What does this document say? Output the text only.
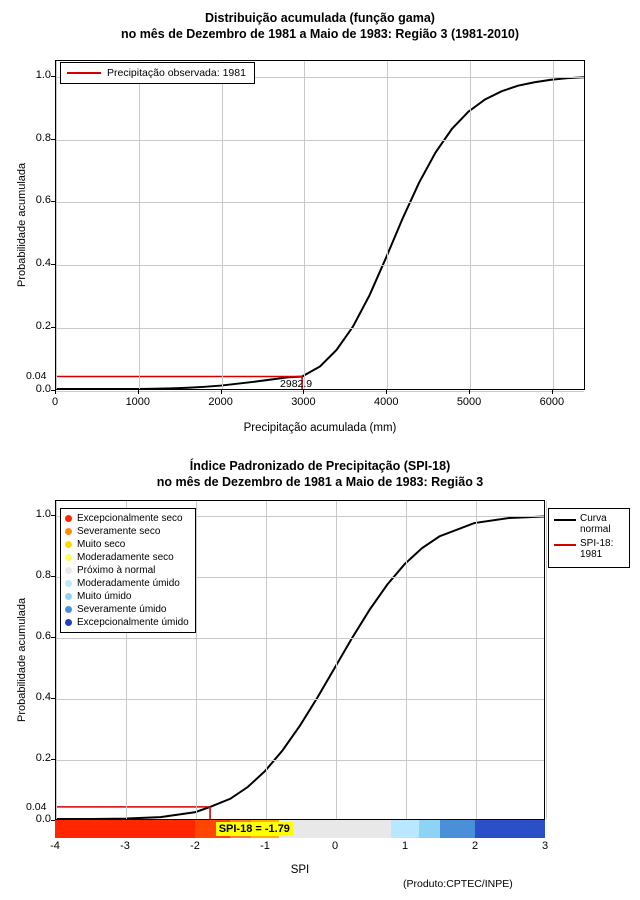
Distribuição acumulada (função gama)
no mês de Dezembro de 1981 a Maio de 1983: Região 3 (1981-2010)
Precipitação observada: 1981
Índice Padronizado de Precipitação (SPI-18)
no mês de Dezembro de 1981 a Maio de 1983: Região 3
Excepcionalmente seco
Severamente seco
Muito seco
Moderadamente seco
Próximo à normal
Moderadamente úmido
Muito úmido
Severamente úmido
Excepcionalmente úmido
Curva
normal
SPI-18: 1981
SPI-18 = -1.79
(Produto:CPTEC/INPE)
0	1000	2000	3000	4000	5000	6000
0.0
0.2
0.4
0.6
0.8
1.0
0.04
2982.9
Precipitação acumulada (mm)
Probabilidade acumulada
-4	-3	-2	-1	0	1	2	3
0.0
0.2
0.4
0.6
0.8
1.0
0.04
SPI
Probabilidade acumulada
